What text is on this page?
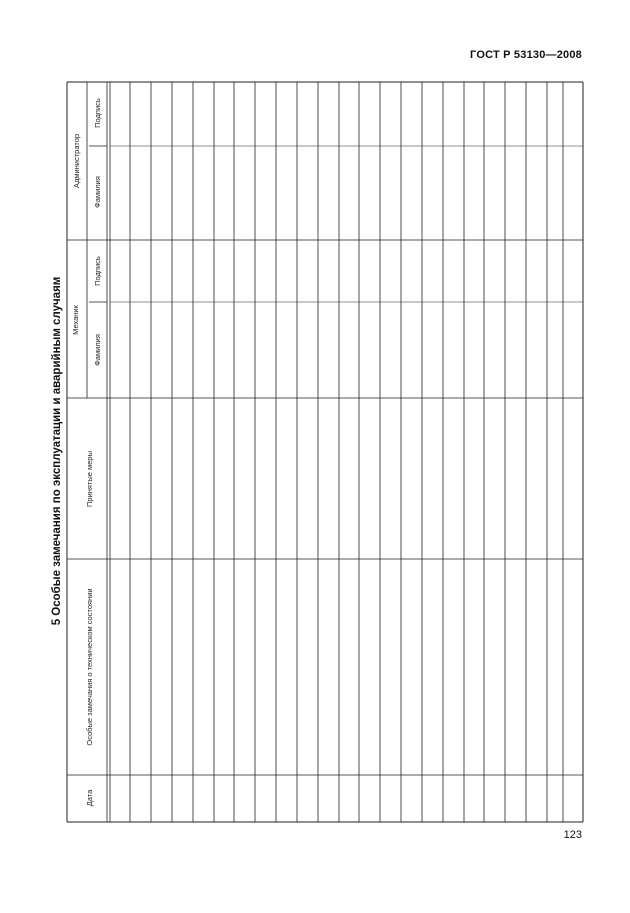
ГОСТ Р 53130—2008
5 Особые замечания по эксплуатации и аварийным случаям
Дата
Особые замечания о техническом состоянии
Принятые меры
Механик
Фамилия
Подпись
Администратор
Фамилия
Подпись
123
